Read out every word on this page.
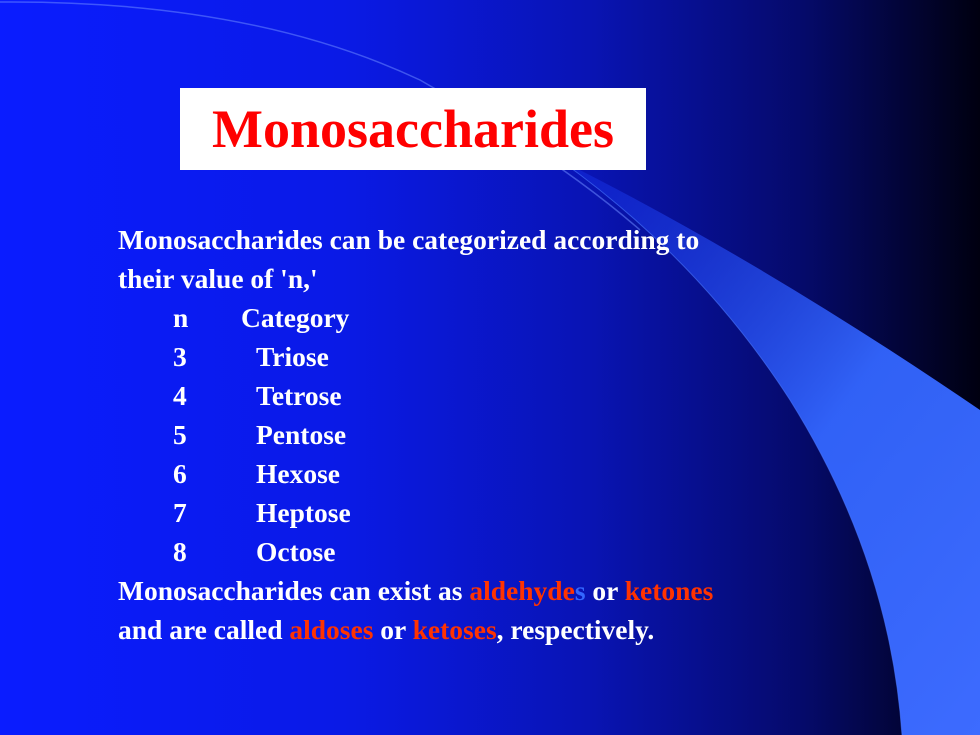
Monosaccharides
Monosaccharides can be categorized according to
their value of 'n,'
n Category
3	Triose
4	Tetrose
5	Pentose
6	Hexose
7	Heptose
8	Octose
Monosaccharides can exist as aldehydes or ketones
and are called aldoses or ketoses, respectively.
